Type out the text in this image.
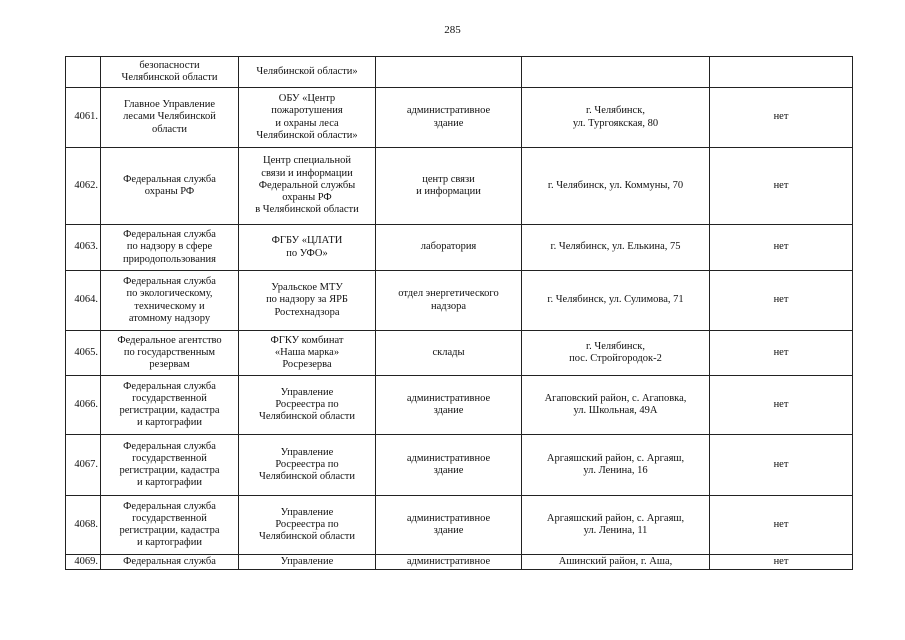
285

	безопасности
Челябинской области	Челябинской области»			

4061.	Главное Управление
лесами Челябинской
области	ОБУ «Центр
пожаротушения
и охраны леса
Челябинской области»	административное
здание	г. Челябинск,
ул. Тургоякская, 80	нет

4062.	Федеральная служба
охраны РФ	Центр специальной
связи и информации
Федеральной службы
охраны РФ
в Челябинской области	центр связи
и информации	г. Челябинск, ул. Коммуны, 70	нет

4063.	Федеральная служба
по надзору в сфере
природопользования	ФГБУ «ЦЛАТИ
по УФО»	лаборатория	г. Челябинск, ул. Елькина, 75	нет

4064.	Федеральная служба
по экологическому,
техническому и
атомному надзору	Уральское МТУ
по надзору за ЯРБ
Ростехнадзора	отдел энергетического
надзора	г. Челябинск, ул. Сулимова, 71	нет

4065.	Федеральное агентство
по государственным
резервам	ФГКУ комбинат
«Наша марка»
Росрезерва	склады	г. Челябинск,
пос. Стройгородок-2	нет

4066.	Федеральная служба
государственной
регистрации, кадастра
и картографии	Управление
Росреестра по
Челябинской области	административное
здание	Агаповский район, с. Агаповка,
ул. Школьная, 49А	нет

4067.	Федеральная служба
государственной
регистрации, кадастра
и картографии	Управление
Росреестра по
Челябинской области	административное
здание	Аргаяшский район, с. Аргаяш,
ул. Ленина, 16	нет

4068.	Федеральная служба
государственной
регистрации, кадастра
и картографии	Управление
Росреестра по
Челябинской области	административное
здание	Аргаяшский район, с. Аргаяш,
ул. Ленина, 11	нет

4069.	Федеральная служба	Управление	административное	Ашинский район, г. Аша,	нет
